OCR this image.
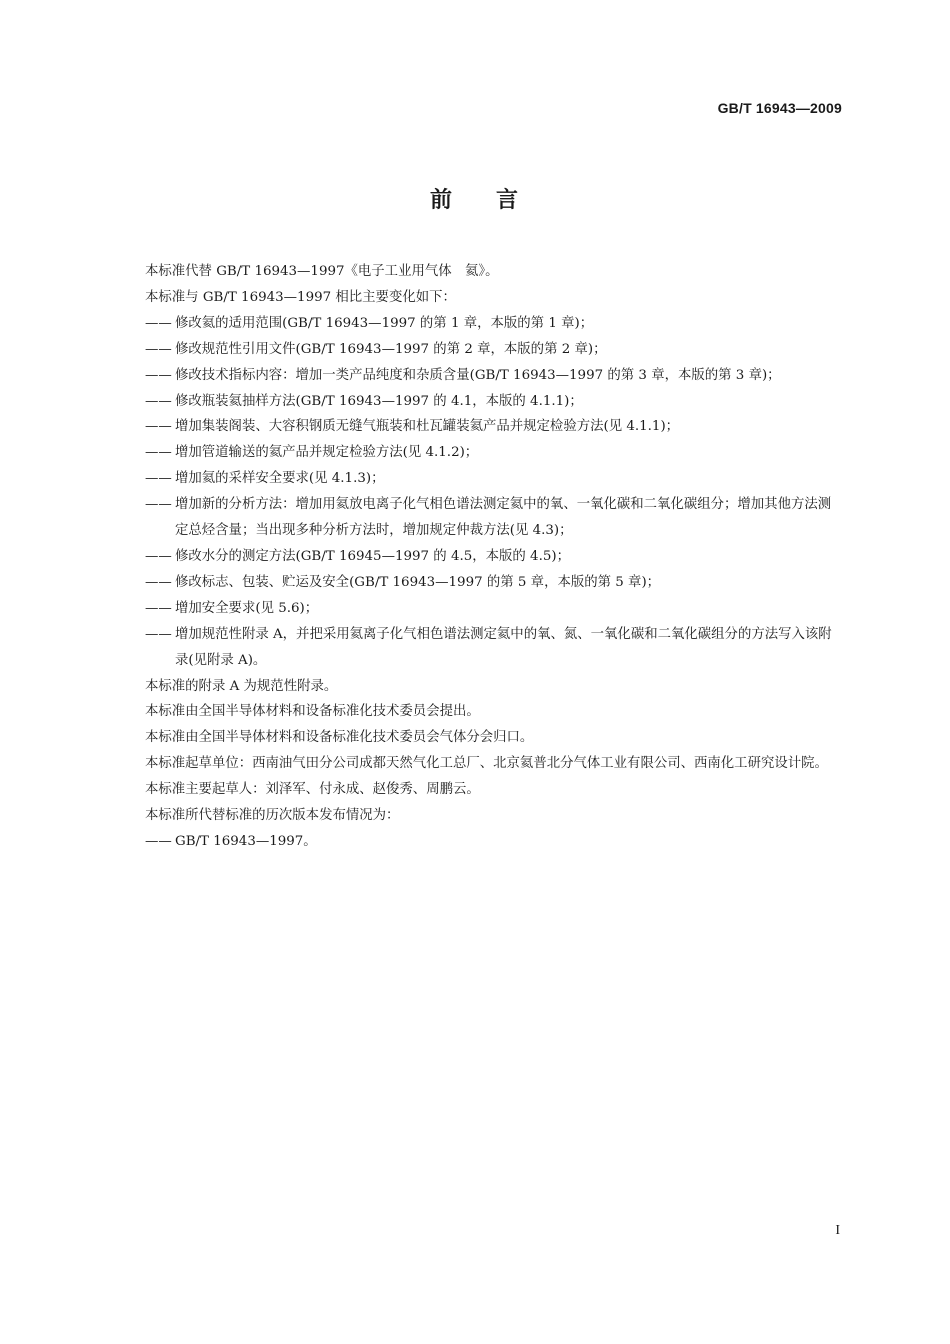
GB/T 16943—2009
前 言

本标准代替 GB/T 16943—1997《电子工业用气体　氦》。

本标准与 GB/T 16943—1997 相比主要变化如下：

—— 修改氦的适用范围(GB/T 16943—1997 的第 1 章，本版的第 1 章)；

—— 修改规范性引用文件(GB/T 16943—1997 的第 2 章，本版的第 2 章)；

—— 修改技术指标内容：增加一类产品纯度和杂质含量(GB/T 16943—1997 的第 3 章，本版的第 3 章)；

—— 修改瓶装氦抽样方法(GB/T 16943—1997 的 4.1，本版的 4.1.1)；

—— 增加集装阁装、大容积钢质无缝气瓶装和杜瓦罐装氦产品并规定检验方法(见 4.1.1)；

—— 增加管道输送的氦产品并规定检验方法(见 4.1.2)；

—— 增加氦的采样安全要求(见 4.1.3)；

—— 增加新的分析方法：增加用氦放电离子化气相色谱法测定氦中的氧、一氧化碳和二氧化碳组分；增加其他方法测定总烃含量；当出现多种分析方法时，增加规定仲裁方法(见 4.3)；

—— 修改水分的测定方法(GB/T 16945—1997 的 4.5，本版的 4.5)；

—— 修改标志、包装、贮运及安全(GB/T 16943—1997 的第 5 章，本版的第 5 章)；

—— 增加安全要求(见 5.6)；

—— 增加规范性附录 A，并把采用氦离子化气相色谱法测定氦中的氧、氮、一氧化碳和二氧化碳组分的方法写入该附录(见附录 A)。

本标准的附录 A 为规范性附录。

本标准由全国半导体材料和设备标准化技术委员会提出。

本标准由全国半导体材料和设备标准化技术委员会气体分会归口。

本标准起草单位：西南油气田分公司成都天然气化工总厂、北京氦普北分气体工业有限公司、西南化工研究设计院。

本标准主要起草人：刘泽军、付永成、赵俊秀、周鹏云。

本标准所代替标准的历次版本发布情况为：

—— GB/T 16943—1997。

I
